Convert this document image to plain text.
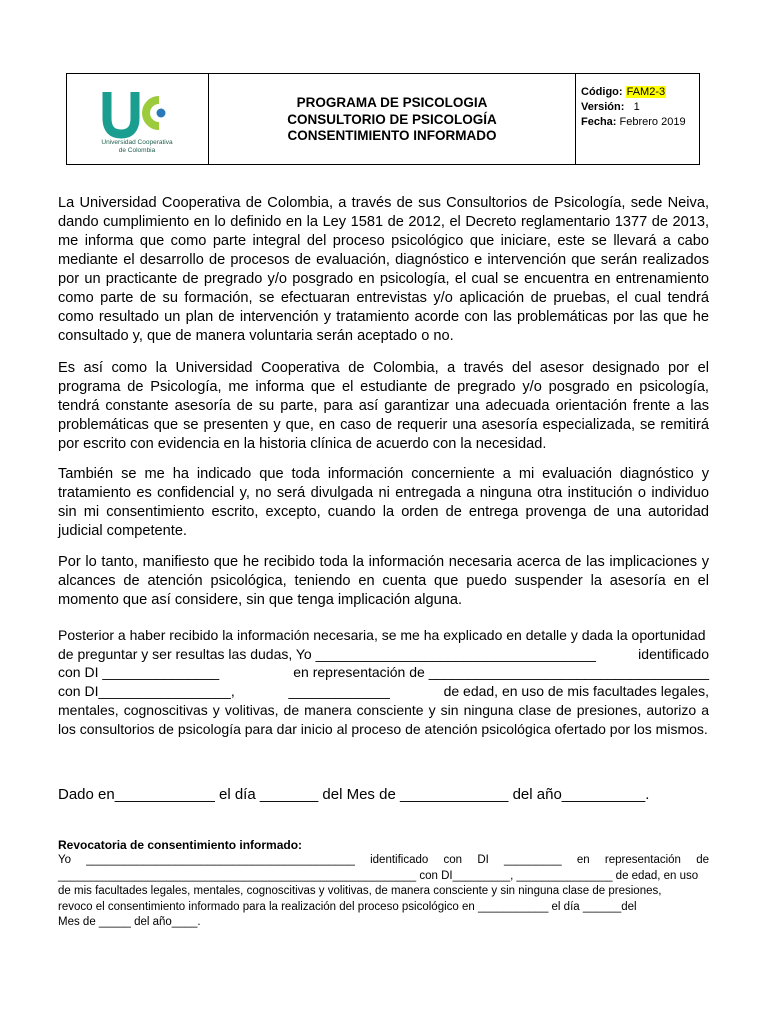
Universidad Cooperativa de Colombia
PROGRAMA DE PSICOLOGIA
CONSULTORIO DE PSICOLOGÍA
CONSENTIMIENTO INFORMADO
Código: FAM2-3
Versión: 1
Fecha: Febrero 2019

La Universidad Cooperativa de Colombia, a través de sus Consultorios de Psicología, sede Neiva, dando cumplimiento en lo definido en la Ley 1581 de 2012, el Decreto reglamentario 1377 de 2013, me informa que como parte integral del proceso psicológico que iniciare, este se llevará a cabo mediante el desarrollo de procesos de evaluación, diagnóstico e intervención que serán realizados por un practicante de pregrado y/o posgrado en psicología, el cual se encuentra en entrenamiento como parte de su formación, se efectuaran entrevistas y/o aplicación de pruebas, el cual tendrá como resultado un plan de intervención y tratamiento acorde con las problemáticas por las que he consultado y, que de manera voluntaria serán aceptado o no.

Es así como la Universidad Cooperativa de Colombia, a través del asesor designado por el programa de Psicología, me informa que el estudiante de pregrado y/o posgrado en psicología, tendrá constante asesoría de su parte, para así garantizar una adecuada orientación frente a las problemáticas que se presenten y que, en caso de requerir una asesoría especializada, se remitirá por escrito con evidencia en la historia clínica de acuerdo con la necesidad.

También se me ha indicado que toda información concerniente a mi evaluación diagnóstico y tratamiento es confidencial y, no será divulgada ni entregada a ninguna otra institución o individuo sin mi consentimiento escrito, excepto, cuando la orden de entrega provenga de una autoridad judicial competente.

Por lo tanto, manifiesto que he recibido toda la información necesaria acerca de las implicaciones y alcances de atención psicológica, teniendo en cuenta que puedo suspender la asesoría en el momento que así considere, sin que tenga implicación alguna.

Posterior a haber recibido la información necesaria, se me ha explicado en detalle y dada la oportunidad
de preguntar y ser resultas las dudas, Yo ____________________________________	identificado
con DI _______________	en representación de ____________________________________
con DI_________________,	_____________	de edad, en uso de mis facultades legales,
mentales, cognoscitivas y volitivas, de manera consciente y sin ninguna clase de presiones, autorizo a los consultorios de psicología para dar inicio al proceso de atención psicológica ofertado por los mismos.
Dado en____________ el día _______ del Mes de _____________ del año__________.
Revocatoria de consentimiento informado:
Yo __________________________________________ identificado con DI _________ en representación de
________________________________________________________ con DI_________, _______________ de edad, en uso
de mis facultades legales, mentales, cognoscitivas y volitivas, de manera consciente y sin ninguna clase de presiones,
revoco el consentimiento informado para la realización del proceso psicológico en ___________ el día ______del
Mes de _____ del año____.
